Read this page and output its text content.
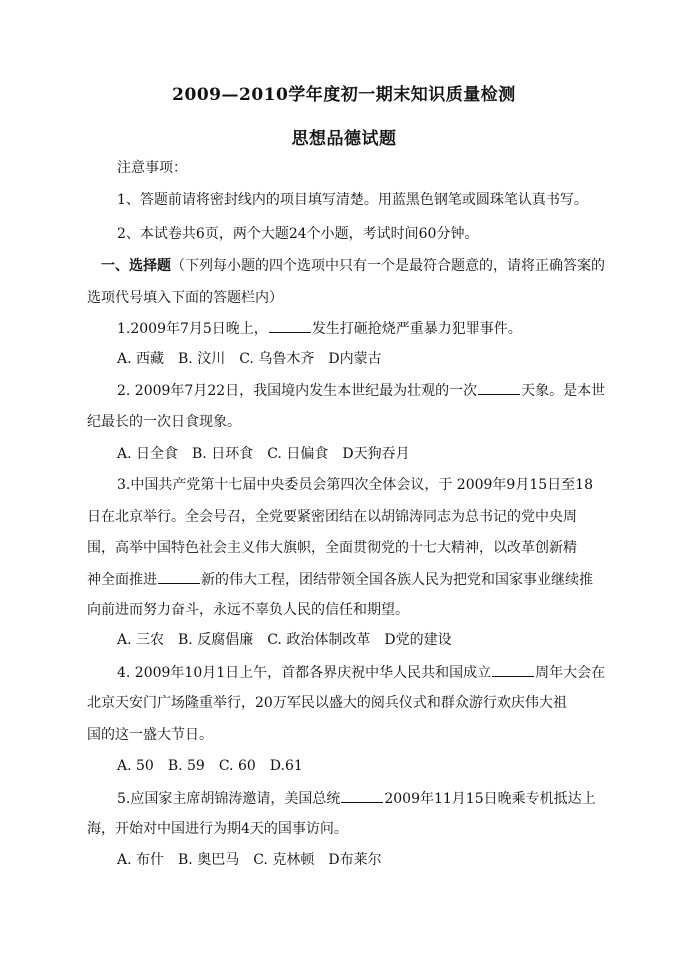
2009—2010学年度初一期末知识质量检测
思想品德试题
注意事项：
1、答题前请将密封线内的项目填写清楚。用蓝黑色钢笔或圆珠笔认真书写。
2、本试卷共6页，两个大题24个小题，考试时间60分钟。
一、选择题（下列每小题的四个选项中只有一个是最符合题意的，请将正确答案的
选项代号填入下面的答题栏内）
1.2009年7月5日晚上，	发生打砸抢烧严重暴力犯罪事件。
A. 西藏 B. 汶川 C. 乌鲁木齐 D内蒙古
2. 2009年7月22日，我国境内发生本世纪最为壮观的一次	天象。是本世
纪最长的一次日食现象。
A. 日全食 B. 日环食 C. 日偏食 D天狗吞月
3.中国共产党第十七届中央委员会第四次全体会议，于 2009年9月15日至18
日在北京举行。全会号召，全党要紧密团结在以胡锦涛同志为总书记的党中央周
围，高举中国特色社会主义伟大旗帜，全面贯彻党的十七大精神，以改革创新精
神全面推进	新的伟大工程，团结带领全国各族人民为把党和国家事业继续推
向前进而努力奋斗，永远不辜负人民的信任和期望。
A. 三农 B. 反腐倡廉 C. 政治体制改革 D党的建设
4. 2009年10月1日上午，首都各界庆祝中华人民共和国成立	周年大会在
北京天安门广场隆重举行，20万军民以盛大的阅兵仪式和群众游行欢庆伟大祖
国的这一盛大节日。
A. 50 B. 59 C. 60 D.61
5.应国家主席胡锦涛邀请，美国总统	2009年11月15日晚乘专机抵达上
海，开始对中国进行为期4天的国事访问。
A. 布什 B. 奥巴马 C. 克林顿 D布莱尔
